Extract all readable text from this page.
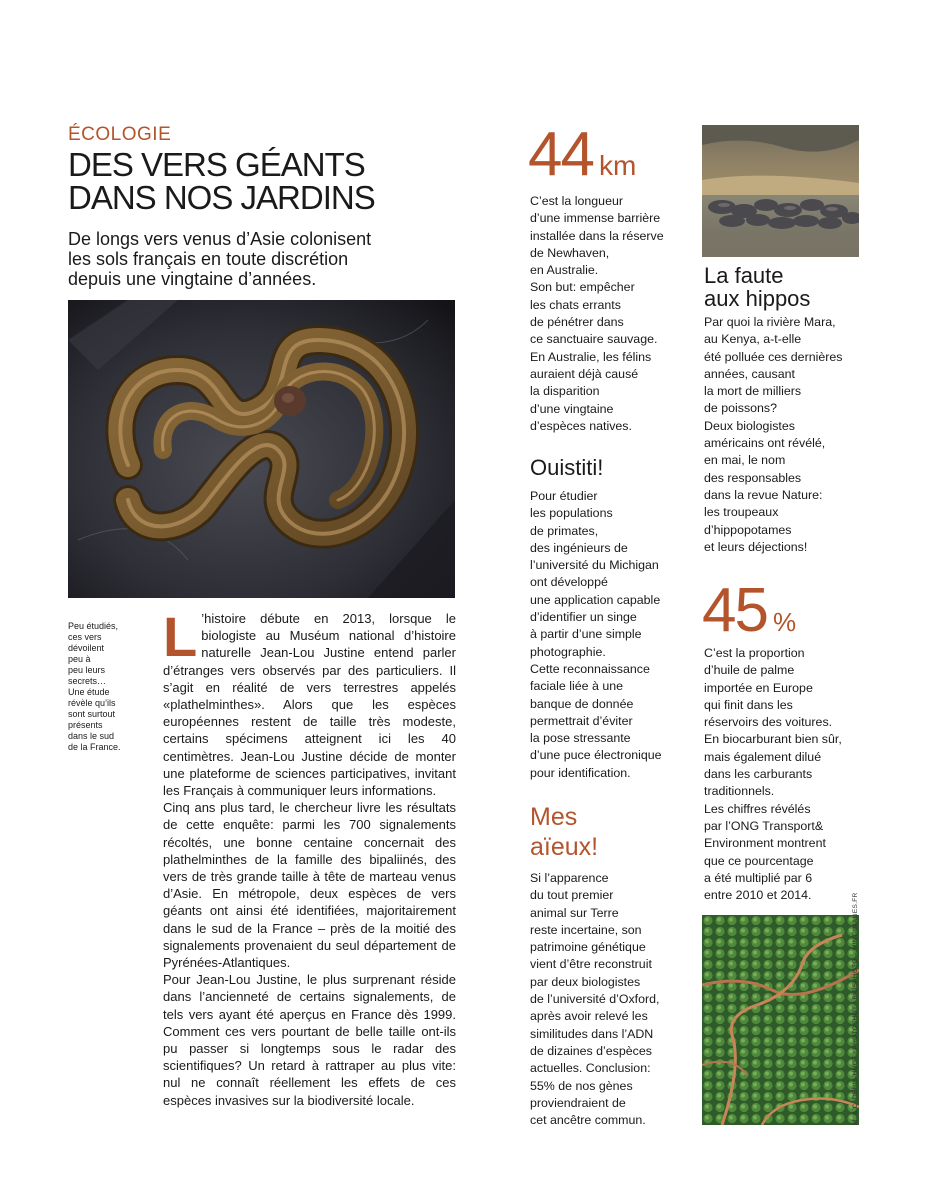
ÉCOLOGIE
DES VERS GÉANTS
DANS NOS JARDINS
De longs vers venus d’Asie colonisent
les sols français en toute discrétion
depuis une vingtaine d’années.
Peu étudiés,
ces vers
dévoilent
peu à
peu leurs
secrets…
Une étude
révèle qu’ils
sont surtout
présents
dans le sud
de la France.

L ’histoire débute en 2013, lorsque le biologiste au Muséum national d’histoire naturelle Jean-Lou Justine entend parler d’étranges vers observés par des particuliers. Il s’agit en réalité de vers terrestres appelés «plathelminthes». Alors que les espèces européennes restent de taille très modeste, certains spécimens atteignent ici les 40 centimètres. Jean-Lou Justine décide de monter une plateforme de sciences participatives, invitant les Français à communiquer leurs informations.

Cinq ans plus tard, le chercheur livre les résultats de cette enquête: parmi les 700 signalements récoltés, une bonne centaine concernait des plathelminthes de la famille des bipaliinés, des vers de très grande taille à tête de marteau venus d’Asie. En métropole, deux espèces de vers géants ont ainsi été identifiées, majoritairement dans le sud de la France – près de la moitié des signalements provenaient du seul département de Pyrénées-Atlantiques.

Pour Jean-Lou Justine, le plus surprenant réside dans l’ancienneté de certains signalements, de tels vers ayant été aperçus en France dès 1999. Comment ces vers pourtant de belle taille ont-ils pu passer si longtemps sous le radar des scientifiques? Un retard à rattraper au plus vite: nul ne connaît réellement les effets de ces espèces invasives sur la biodiversité locale.

44 km
C’est la longueur
d’une immense barrière
installée dans la réserve
de Newhaven,
en Australie.
Son but: empêcher
les chats errants
de pénétrer dans
ce sanctuaire sauvage.
En Australie, les félins
auraient déjà causé
la disparition
d’une vingtaine
d’espèces natives.
Ouistiti!
Pour étudier
les populations
de primates,
des ingénieurs de
l’université du Michigan
ont développé
une application capable
d’identifier un singe
à partir d’une simple
photographie.
Cette reconnaissance
faciale liée à une
banque de donnée
permettrait d’éviter
la pose stressante
d’une puce électronique
pour identification.
Mes
aïeux!
Si l’apparence
du tout premier
animal sur Terre
reste incertaine, son
patrimoine génétique
vient d’être reconstruit
par deux biologistes
de l’université d’Oxford,
après avoir relevé les
similitudes dans l’ADN
de dizaines d’espèces
actuelles. Conclusion:
55% de nos gènes
proviendraient de
cet ancêtre commun.
La faute
aux hippos
Par quoi la rivière Mara,
au Kenya, a-t-elle
été polluée ces dernières
années, causant
la mort de milliers
de poissons?
Deux biologistes
américains ont révélé,
en mai, le nom
des responsables
dans la revue Nature:
les troupeaux
d’hippopotames
et leurs déjections!
45 %
C’est la proportion
d’huile de palme
importée en Europe
qui finit dans les
réservoirs des voitures.
En biocarburant bien sûr,
mais également dilué
dans les carburants
traditionnels.
Les chiffres révélés
par l’ONG Transport&
Environment montrent
que ce pourcentage
a été multiplié par 6
entre 2010 et 2014.	M. & C. DENIS-HUOT / PHOTOSHOT / BIOSPHOTO – MINT-IMAGES.FR
